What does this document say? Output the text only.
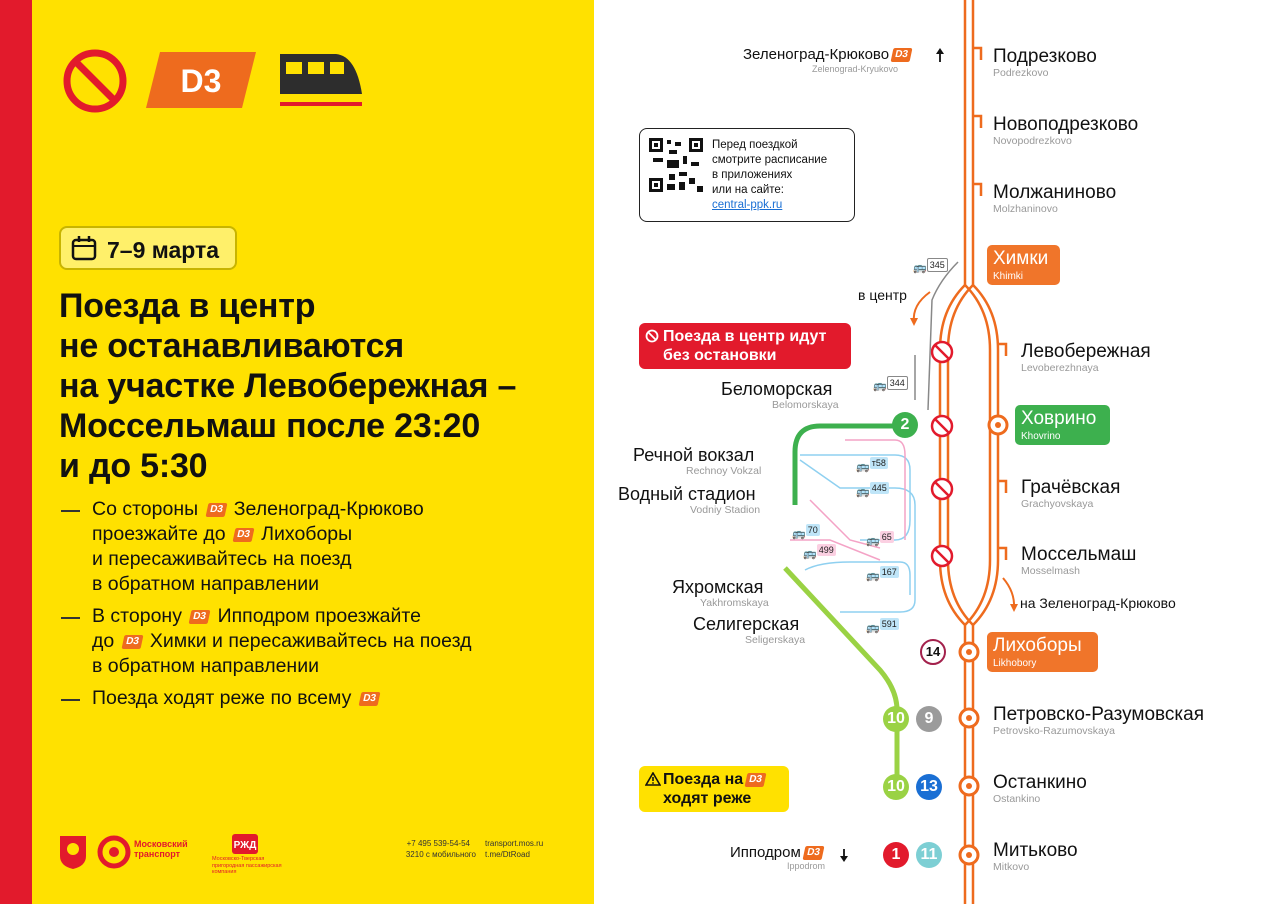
D3
7–9 марта
Поезда в центр
не останавливаются
на участке Левобережная –
Мосcельмаш после 23:20
и до 5:30
Со стороны D3 Зеленоград-Крюково
проезжайте до D3 Лихоборы
и пересаживайтесь на поезд
в обратном направлении
В сторону D3 Ипподром проезжайте
до D3 Химки и пересаживайтесь на поезд
в обратном направлении
Поезда ходят реже по всему D3
Московский транспорт
РЖД
Московско-Тверская пригородная пассажирская компания
+7 495 539-54-54
3210 с мобильного
transport.mos.ru
t.me/DtRoad
Зеленоград-Крюково D3
Zelenograd-Kryukovo
Ипподром D3
Ippodrom
в центр
на Зеленоград-Крюково
Перед поездкой
смотрите расписание
в приложениях
или на сайте:
central-ppk.ru
Поезда в центр идут
без остановки
Поезда на D3
ходят реже
Подрезково
Podrezkovo
Новоподрезково
Novopodrezkovo
Молжаниново
Molzhaninovo
Левобережная
Levoberezhnaya
Грачёвская
Grachyovskaya
Моссельмаш
Mosselmash
Петровско-Разумовская
Petrovsko-Razumovskaya
Останкино
Ostankino
Митьково
Mitkovo
Химки
Khimki
Ховрино
Khovrino
Лихоборы
Likhobory
Беломорская
Belomorskaya
Речной вокзал
Rechnoy Vokzal
Водный стадион
Vodniy Stadion
Яхромская
Yakhromskaya
Селигерская
Seligerskaya
2
14
10	9
10 13
1	11
🚌 345
🚌 344
🚌 т58
🚌 445
🚌 70
🚌 65
🚌 499
🚌 167
🚌 591
